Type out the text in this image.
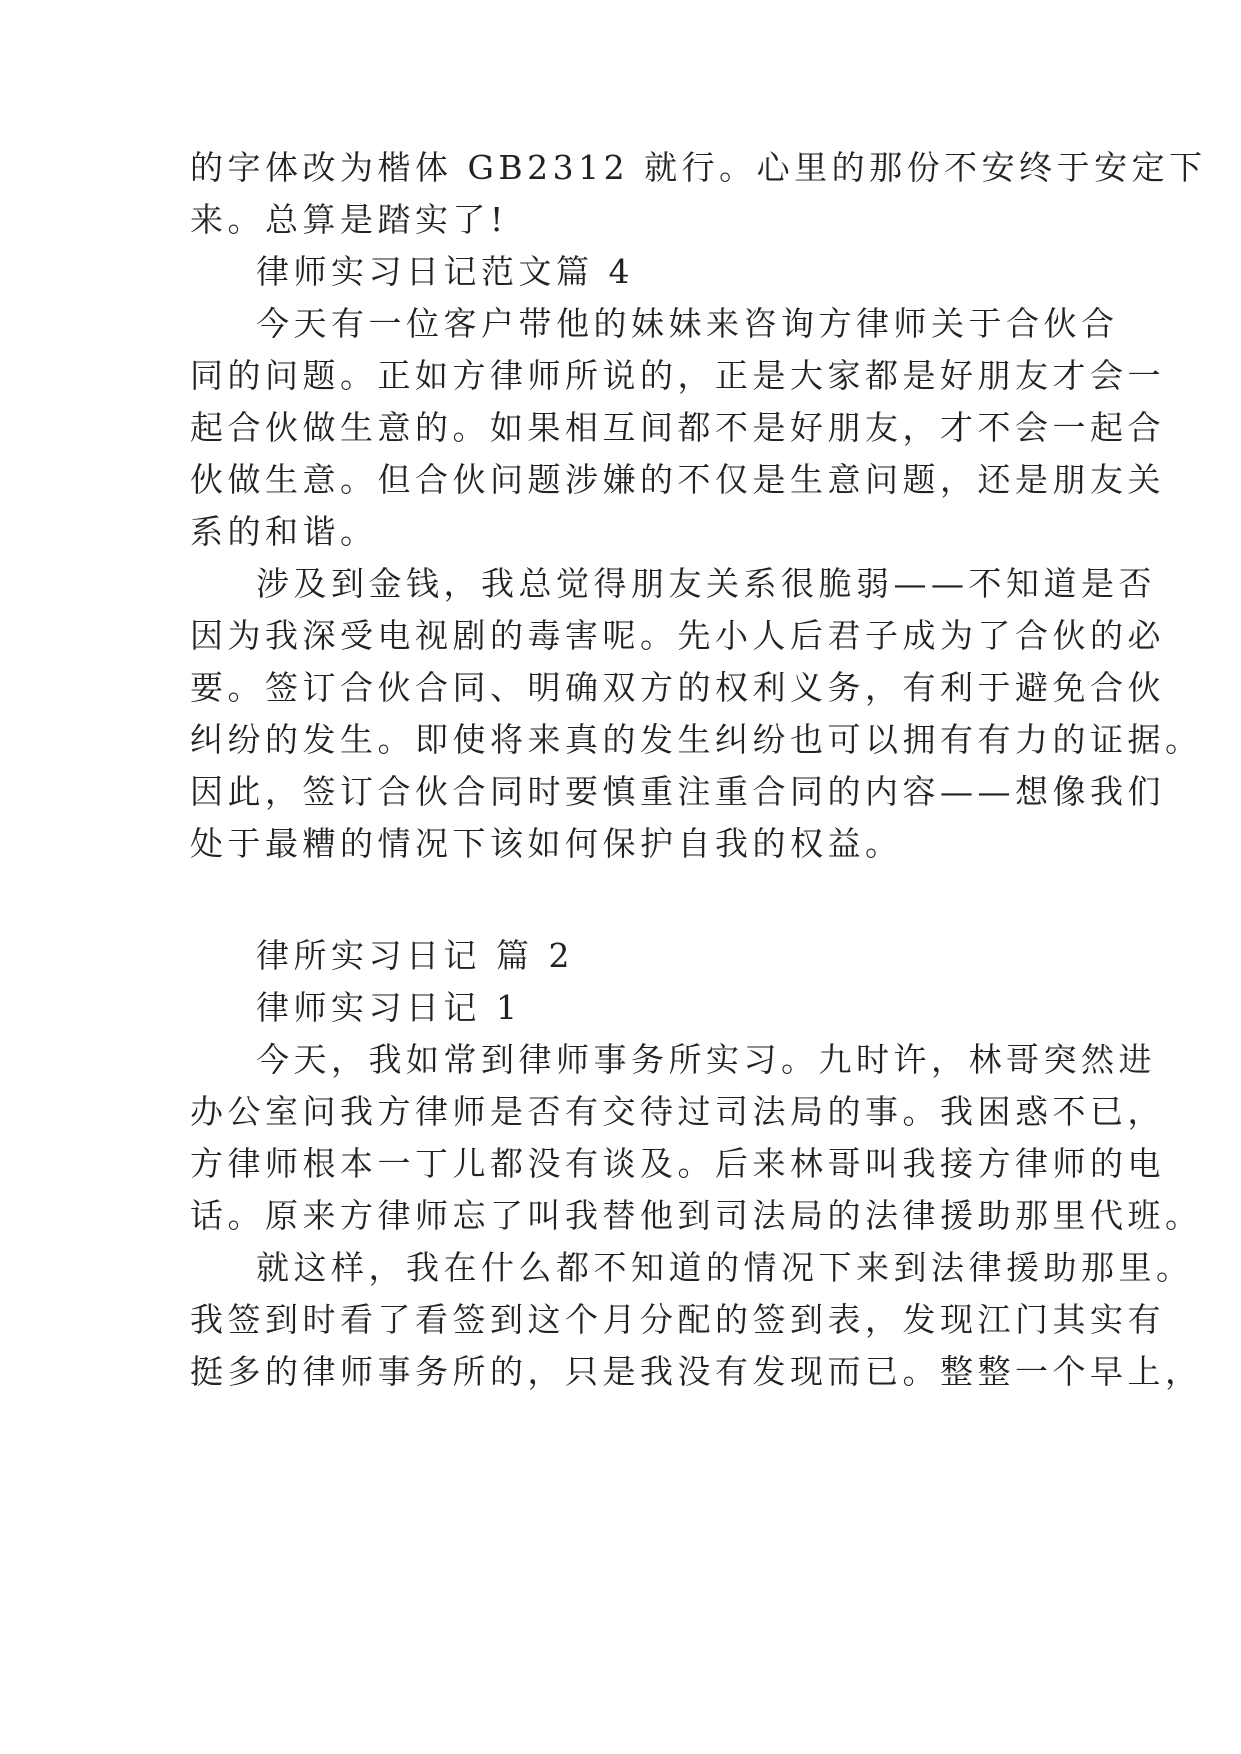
的字体改为楷体 GB2312 就行。心里的那份不安终于安定下
来。总算是踏实了!
律师实习日记范文篇 4
今天有一位客户带他的妹妹来咨询方律师关于合伙合
同的问题。正如方律师所说的，正是大家都是好朋友才会一
起合伙做生意的。如果相互间都不是好朋友，才不会一起合
伙做生意。但合伙问题涉嫌的不仅是生意问题，还是朋友关
系的和谐。
涉及到金钱，我总觉得朋友关系很脆弱——不知道是否
因为我深受电视剧的毒害呢。先小人后君子成为了合伙的必
要。签订合伙合同、明确双方的权利义务，有利于避免合伙
纠纷的发生。即使将来真的发生纠纷也可以拥有有力的证据。
因此，签订合伙合同时要慎重注重合同的内容——想像我们
处于最糟的情况下该如何保护自我的权益。
律所实习日记 篇 2
律师实习日记 1
今天，我如常到律师事务所实习。九时许，林哥突然进
办公室问我方律师是否有交待过司法局的事。我困惑不已，
方律师根本一丁儿都没有谈及。后来林哥叫我接方律师的电
话。原来方律师忘了叫我替他到司法局的法律援助那里代班。
就这样，我在什么都不知道的情况下来到法律援助那里。
我签到时看了看签到这个月分配的签到表，发现江门其实有
挺多的律师事务所的，只是我没有发现而已。整整一个早上，
